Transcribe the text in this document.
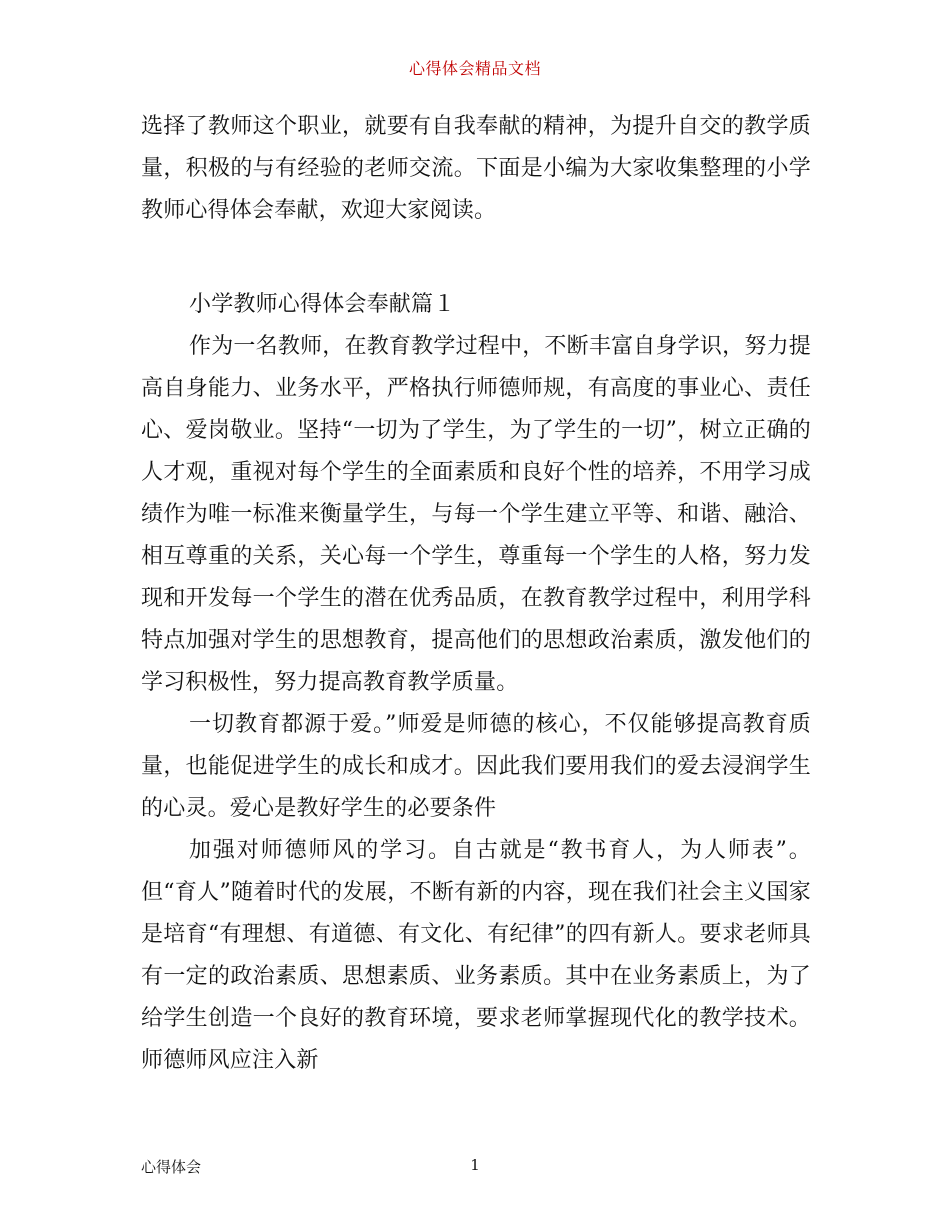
心得体会精品文档

选择了教师这个职业，就要有自我奉献的精神，为提升自交的教学质量，积极的与有经验的老师交流。下面是小编为大家收集整理的小学教师心得体会奉献，欢迎大家阅读。

小学教师心得体会奉献篇１

作为一名教师，在教育教学过程中，不断丰富自身学识，努力提高自身能力、业务水平，严格执行师德师规，有高度的事业心、责任心、爱岗敬业。坚持“一切为了学生，为了学生的一切”，树立正确的人才观，重视对每个学生的全面素质和良好个性的培养，不用学习成绩作为唯一标准来衡量学生，与每一个学生建立平等、和谐、融洽、相互尊重的关系，关心每一个学生，尊重每一个学生的人格，努力发现和开发每一个学生的潜在优秀品质，在教育教学过程中，利用学科特点加强对学生的思想教育，提高他们的思想政治素质，激发他们的学习积极性，努力提高教育教学质量。

一切教育都源于爱。”师爱是师德的核心，不仅能够提高教育质量，也能促进学生的成长和成才。因此我们要用我们的爱去浸润学生的心灵。爱心是教好学生的必要条件

加强对师德师风的学习。自古就是“教书育人，为人师表”。但“育人”随着时代的发展，不断有新的内容，现在我们社会主义国家是培育“有理想、有道德、有文化、有纪律”的四有新人。要求老师具有一定的政治素质、思想素质、业务素质。其中在业务素质上，为了给学生创造一个良好的教育环境，要求老师掌握现代化的教学技术。师德师风应注入新

心得体会	1
